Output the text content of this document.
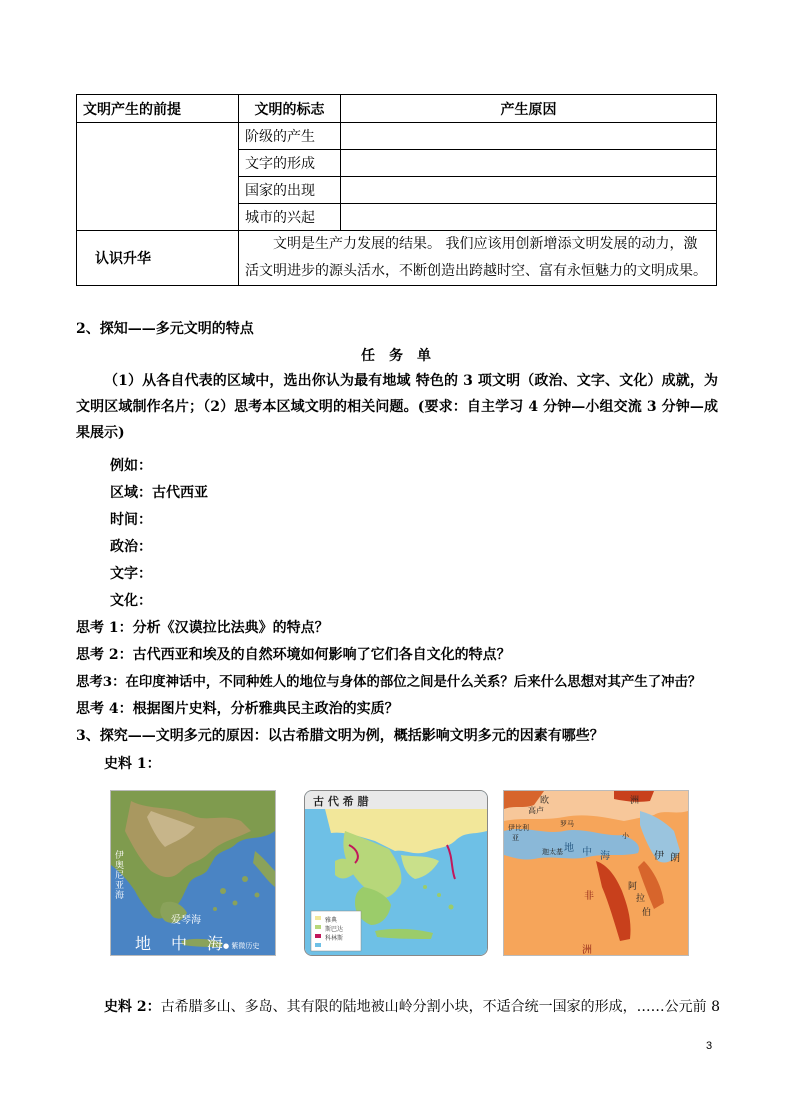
文明产生的前提	文明的标志	产生原因
	阶级的产生	
	文字的形成	
	国家的出现	
	城市的兴起	
认识升华	文明是生产力发展的结果。 我们应该用创新增添文明发展的动力，激活文明进步的源头活水，不断创造出跨越时空、富有永恒魅力的文明成果。	
2、探知——多元文明的特点
任　务　单
（1）从各自代表的区域中，选出你认为最有地域 特色的 3 项文明（政治、文字、文化）成就，为文明区域制作名片；（2）思考本区域文明的相关问题。(要求：自主学习 4 分钟—小组交流 3 分钟—成果展示)
例如：
区域：古代西亚
时间：
政治：
文字：
文化：
思考 1：分析《汉谟拉比法典》的特点？
思考 2：古代西亚和埃及的自然环境如何影响了它们各自文化的特点？
思考3：在印度神话中，不同种姓人的地位与身体的部位之间是什么关系？后来什么思想对其产生了冲击？
思考 4：根据图片史料，分析雅典民主政治的实质？
3、探究——文明多元的原因：以古希腊文明为例，概括影响文明多元的因素有哪些？
史料 1：
伊奥尼亚海
爱琴海
地　中　海
● 紫微历史
古 代 希 腊
雅典
斯巴达
科林斯
欧	洲
高卢
伊比利
亚
罗马
迦太基 地 中 海	伊 朗
非
洲
阿
拉
伯
小
史料 2：古希腊多山、多岛、其有限的陆地被山岭分割小块，不适合统一国家的形成，……公元前 8
3
